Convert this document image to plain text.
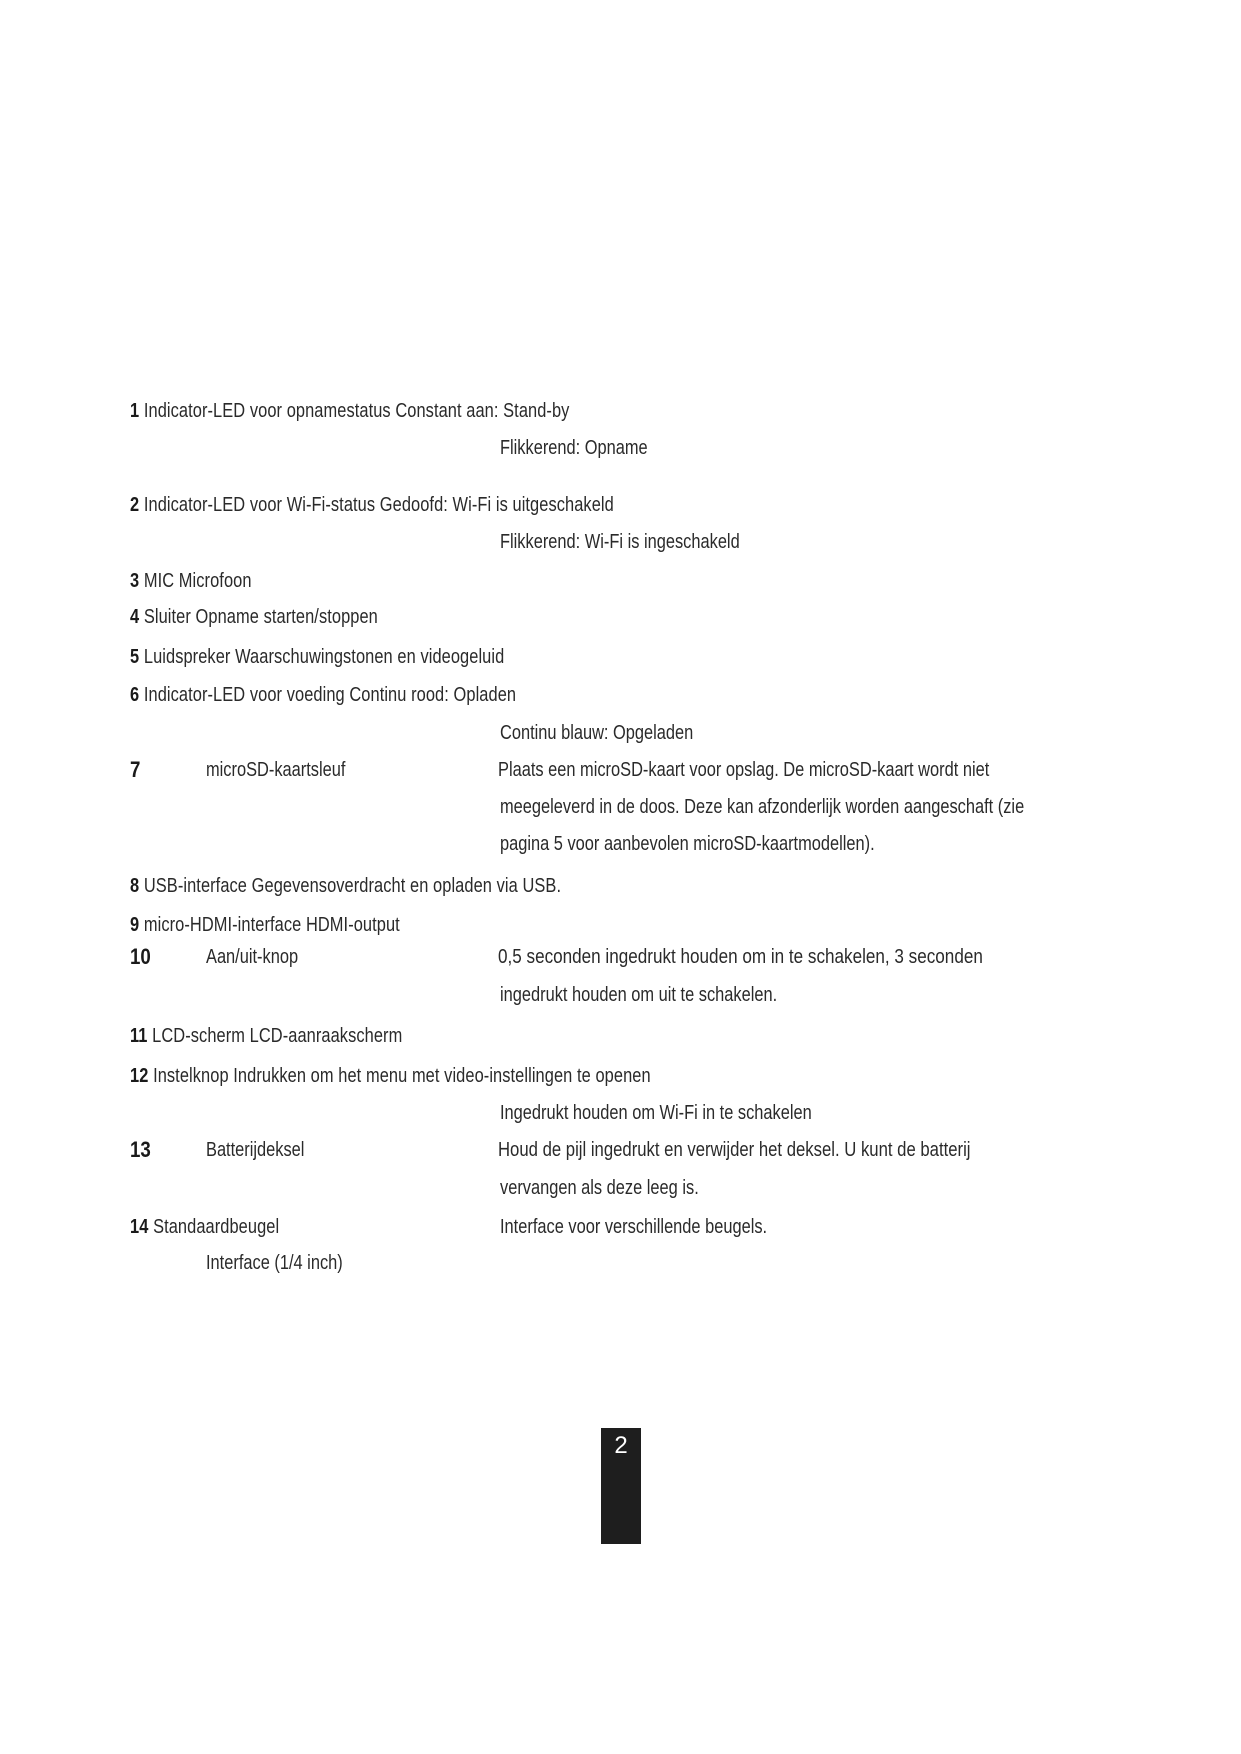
1 Indicator-LED voor opnamestatus Constant aan: Stand-by
Flikkerend: Opname
2 Indicator-LED voor Wi-Fi-status Gedoofd: Wi-Fi is uitgeschakeld
Flikkerend: Wi-Fi is ingeschakeld
3 MIC Microfoon
4 Sluiter Opname starten/stoppen
5 Luidspreker Waarschuwingstonen en videogeluid
6 Indicator-LED voor voeding Continu rood: Opladen
Continu blauw: Opgeladen
7	microSD-kaartsleuf	Plaats een microSD-kaart voor opslag. De microSD-kaart wordt niet
meegeleverd in de doos. Deze kan afzonderlijk worden aangeschaft (zie
pagina 5 voor aanbevolen microSD-kaartmodellen).
8 USB-interface Gegevensoverdracht en opladen via USB.
9 micro-HDMI-interface HDMI-output
10	Aan/uit-knop	0,5 seconden ingedrukt houden om in te schakelen, 3 seconden
ingedrukt houden om uit te schakelen.
11 LCD-scherm LCD-aanraakscherm
12 Instelknop Indrukken om het menu met video-instellingen te openen
Ingedrukt houden om Wi-Fi in te schakelen
13	Batterijdeksel	Houd de pijl ingedrukt en verwijder het deksel. U kunt de batterij
vervangen als deze leeg is.
14 Standaardbeugel	Interface voor verschillende beugels.
Interface (1/4 inch)
2
